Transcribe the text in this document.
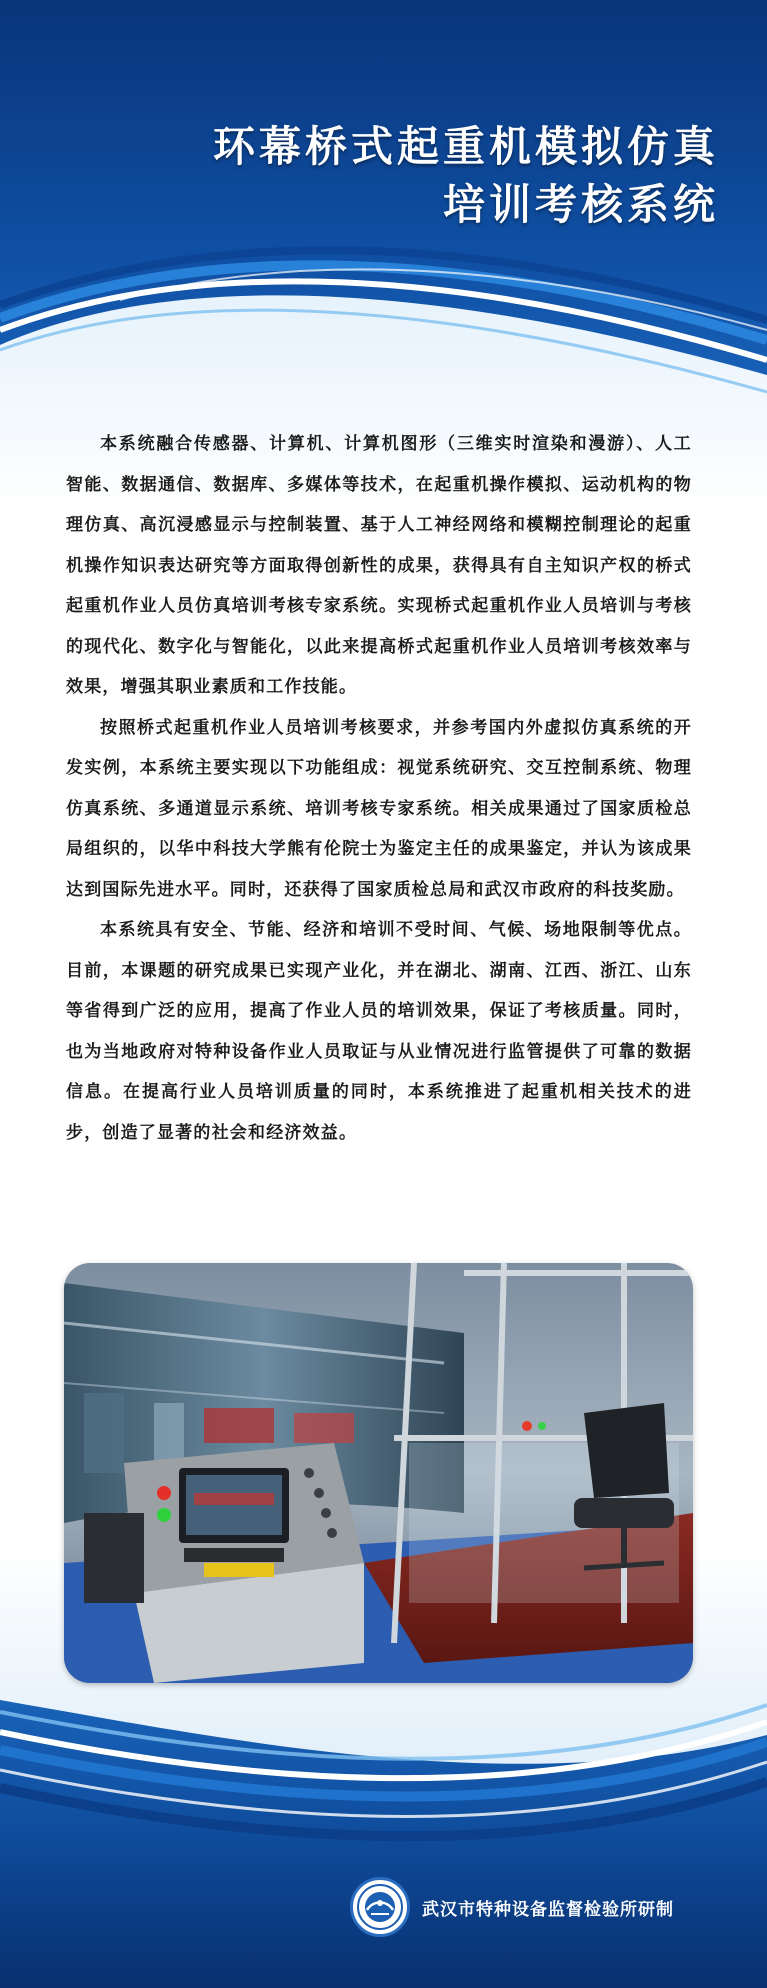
环幕桥式起重机模拟仿真
培训考核系统

本系统融合传感器、计算机、计算机图形（三维实时渲染和漫游）、人工智能、数据通信、数据库、多媒体等技术，在起重机操作模拟、运动机构的物理仿真、高沉浸感显示与控制装置、基于人工神经网络和模糊控制理论的起重机操作知识表达研究等方面取得创新性的成果，获得具有自主知识产权的桥式起重机作业人员仿真培训考核专家系统。实现桥式起重机作业人员培训与考核的现代化、数字化与智能化，以此来提高桥式起重机作业人员培训考核效率与效果，增强其职业素质和工作技能。

按照桥式起重机作业人员培训考核要求，并参考国内外虚拟仿真系统的开发实例，本系统主要实现以下功能组成：视觉系统研究、交互控制系统、物理仿真系统、多通道显示系统、培训考核专家系统。相关成果通过了国家质检总局组织的，以华中科技大学熊有伦院士为鉴定主任的成果鉴定，并认为该成果达到国际先进水平。同时，还获得了国家质检总局和武汉市政府的科技奖励。

本系统具有安全、节能、经济和培训不受时间、气候、场地限制等优点。目前，本课题的研究成果已实现产业化，并在湖北、湖南、江西、浙江、山东等省得到广泛的应用，提高了作业人员的培训效果，保证了考核质量。同时，也为当地政府对特种设备作业人员取证与从业情况进行监管提供了可靠的数据信息。在提高行业人员培训质量的同时，本系统推进了起重机相关技术的进步，创造了显著的社会和经济效益。

武汉市特种设备监督检验所研制
